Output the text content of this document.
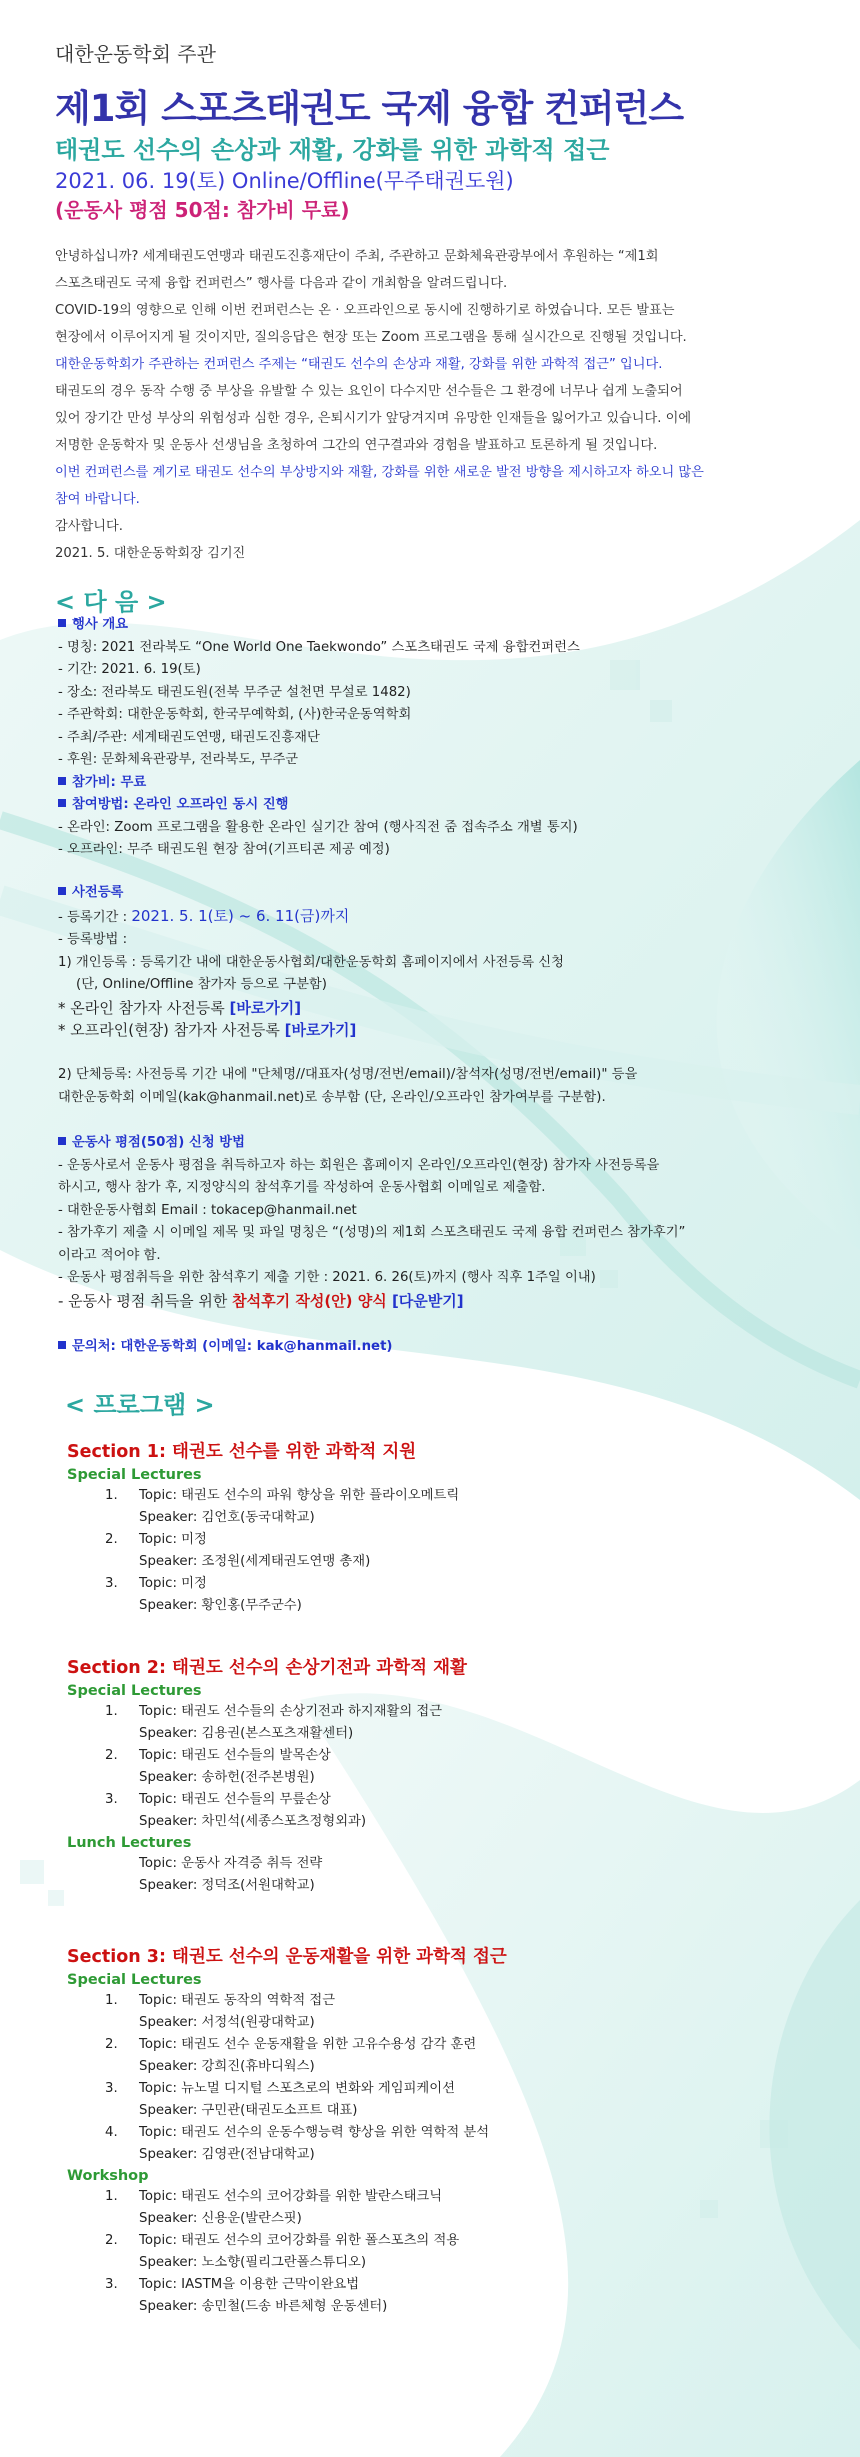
대한운동학회 주관
제1회 스포츠태권도 국제 융합 컨퍼런스
태권도 선수의 손상과 재활, 강화를 위한 과학적 접근
2021. 06. 19(토) Online/Offline(무주태권도원)
(운동사 평점 50점: 참가비 무료)

안녕하십니까? 세계태권도연맹과 태권도진흥재단이 주최, 주관하고 문화체육관광부에서 후원하는 “제1회

스포츠태권도 국제 융합 컨퍼런스” 행사를 다음과 같이 개최함을 알려드립니다.

COVID-19의 영향으로 인해 이번 컨퍼런스는 온 · 오프라인으로 동시에 진행하기로 하였습니다. 모든 발표는

현장에서 이루어지게 될 것이지만, 질의응답은 현장 또는 Zoom 프로그램을 통해 실시간으로 진행될 것입니다.

대한운동학회가 주관하는 컨퍼런스 주제는 “태권도 선수의 손상과 재활, 강화를 위한 과학적 접근” 입니다.

태권도의 경우 동작 수행 중 부상을 유발할 수 있는 요인이 다수지만 선수들은 그 환경에 너무나 쉽게 노출되어

있어 장기간 만성 부상의 위험성과 심한 경우, 은퇴시기가 앞당겨지며 유망한 인재들을 잃어가고 있습니다. 이에

저명한 운동학자 및 운동사 선생님을 초청하여 그간의 연구결과와 경험을 발표하고 토론하게 될 것입니다.

이번 컨퍼런스를 계기로 태권도 선수의 부상방지와 재활, 강화를 위한 새로운 발전 방향을 제시하고자 하오니 많은

참여 바랍니다.

감사합니다.

2021. 5. 대한운동학회장 김기진

< 다 음 >
행사 개요
- 명칭: 2021 전라북도 “One World One Taekwondo” 스포츠태권도 국제 융합컨퍼런스
- 기간: 2021. 6. 19(토)
- 장소: 전라북도 태권도원(전북 무주군 설천면 무설로 1482)
- 주관학회: 대한운동학회, 한국무예학회, (사)한국운동역학회
- 주최/주관: 세계태권도연맹, 태권도진흥재단
- 후원: 문화체육관광부, 전라북도, 무주군
참가비: 무료
참여방법: 온라인 오프라인 동시 진행
- 온라인: Zoom 프로그램을 활용한 온라인 실기간 참여 (행사직전 줌 접속주소 개별 통지)
- 오프라인: 무주 태권도원 현장 참여(기프티콘 제공 예정)
사전등록
- 등록기간 : 2021. 5. 1(토) ~ 6. 11(금)까지
- 등록방법 :
1) 개인등록 : 등록기간 내에 대한운동사협회/대한운동학회 홈페이지에서 사전등록 신청
(단, Online/Offline 참가자 등으로 구분함)
* 온라인 참가자 사전등록 [바로가기]
* 오프라인(현장) 참가자 사전등록 [바로가기]

2) 단체등록: 사전등록 기간 내에 "단체명//대표자(성명/전번/email)/참석자(성명/전번/email)" 등을
대한운동학회 이메일(kak@hanmail.net)로 송부함 (단, 온라인/오프라인 참가여부를 구분함).
운동사 평점(50점) 신청 방법
- 운동사로서 운동사 평점을 취득하고자 하는 회원은 홈페이지 온라인/오프라인(현장) 참가자 사전등록을
하시고, 행사 참가 후, 지정양식의 참석후기를 작성하여 운동사협회 이메일로 제출함.
- 대한운동사협회 Email : tokacep@hanmail.net
- 참가후기 제출 시 이메일 제목 및 파일 명칭은 “(성명)의 제1회 스포츠태권도 국제 융합 컨퍼런스 참가후기”
이라고 적어야 함.
- 운동사 평점취득을 위한 참석후기 제출 기한 : 2021. 6. 26(토)까지 (행사 직후 1주일 이내)
- 운동사 평점 취득을 위한 참석후기 작성(안) 양식 [다운받기]
문의처: 대한운동학회 (이메일: kak@hanmail.net)
< 프로그램 >

Section 1: 태권도 선수를 위한 과학적 지원

Special Lectures

1. Topic: 태권도 선수의 파워 향상을 위한 플라이오메트릭
Speaker: 김언호(동국대학교)
2. Topic: 미정
Speaker: 조정원(세계태권도연맹 총재)
3. Topic: 미정
Speaker: 황인홍(무주군수)

Section 2: 태권도 선수의 손상기전과 과학적 재활

Special Lectures

1. Topic: 태권도 선수들의 손상기전과 하지재활의 접근
Speaker: 김용권(본스포츠재활센터)
2. Topic: 태권도 선수들의 발목손상
Speaker: 송하헌(전주본병원)
3. Topic: 태권도 선수들의 무릎손상
Speaker: 차민석(세종스포츠정형외과)

Lunch Lectures

Topic: 운동사 자격증 취득 전략
Speaker: 정덕조(서원대학교)

Section 3: 태권도 선수의 운동재활을 위한 과학적 접근

Special Lectures

1. Topic: 태권도 동작의 역학적 접근
Speaker: 서정석(원광대학교)
2. Topic: 태권도 선수 운동재활을 위한 고유수용성 감각 훈련
Speaker: 강희진(휴바디웍스)
3. Topic: 뉴노멀 디지털 스포츠로의 변화와 게임피케이션
Speaker: 구민관(태권도소프트 대표)
4. Topic: 태권도 선수의 운동수행능력 향상을 위한 역학적 분석
Speaker: 김영관(전남대학교)

Workshop

1. Topic: 태권도 선수의 코어강화를 위한 발란스태크닉
Speaker: 신용운(발란스핏)
2. Topic: 태권도 선수의 코어강화를 위한 폴스포츠의 적용
Speaker: 노소향(필리그란폴스튜디오)
3. Topic: IASTM을 이용한 근막이완요법
Speaker: 송민철(드송 바른체형 운동센터)
